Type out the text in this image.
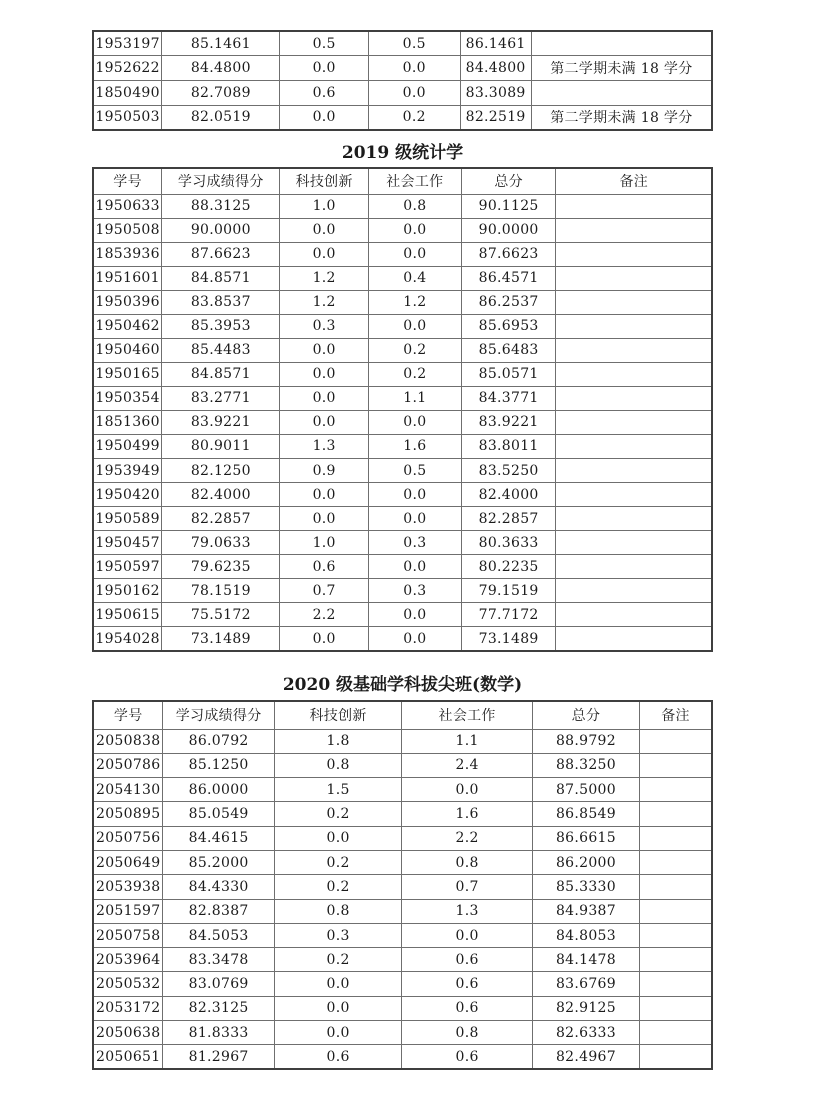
1953197	85.1461	0.5	0.5	86.1461	
1952622	84.4800	0.0	0.0	84.4800	第二学期未满 18 学分
1850490	82.7089	0.6	0.0	83.3089	
1950503	82.0519	0.0	0.2	82.2519	第二学期未满 18 学分
2019 级统计学
学号	学习成绩得分	科技创新	社会工作	总分	备注
1950633	88.3125	1.0	0.8	90.1125	
1950508	90.0000	0.0	0.0	90.0000	
1853936	87.6623	0.0	0.0	87.6623	
1951601	84.8571	1.2	0.4	86.4571	
1950396	83.8537	1.2	1.2	86.2537	
1950462	85.3953	0.3	0.0	85.6953	
1950460	85.4483	0.0	0.2	85.6483	
1950165	84.8571	0.0	0.2	85.0571	
1950354	83.2771	0.0	1.1	84.3771	
1851360	83.9221	0.0	0.0	83.9221	
1950499	80.9011	1.3	1.6	83.8011	
1953949	82.1250	0.9	0.5	83.5250	
1950420	82.4000	0.0	0.0	82.4000	
1950589	82.2857	0.0	0.0	82.2857	
1950457	79.0633	1.0	0.3	80.3633	
1950597	79.6235	0.6	0.0	80.2235	
1950162	78.1519	0.7	0.3	79.1519	
1950615	75.5172	2.2	0.0	77.7172	
1954028	73.1489	0.0	0.0	73.1489	
2020 级基础学科拔尖班(数学)
学号	学习成绩得分	科技创新	社会工作	总分	备注
2050838	86.0792	1.8	1.1	88.9792	
2050786	85.1250	0.8	2.4	88.3250	
2054130	86.0000	1.5	0.0	87.5000	
2050895	85.0549	0.2	1.6	86.8549	
2050756	84.4615	0.0	2.2	86.6615	
2050649	85.2000	0.2	0.8	86.2000	
2053938	84.4330	0.2	0.7	85.3330	
2051597	82.8387	0.8	1.3	84.9387	
2050758	84.5053	0.3	0.0	84.8053	
2053964	83.3478	0.2	0.6	84.1478	
2050532	83.0769	0.0	0.6	83.6769	
2053172	82.3125	0.0	0.6	82.9125	
2050638	81.8333	0.0	0.8	82.6333	
2050651	81.2967	0.6	0.6	82.4967	
